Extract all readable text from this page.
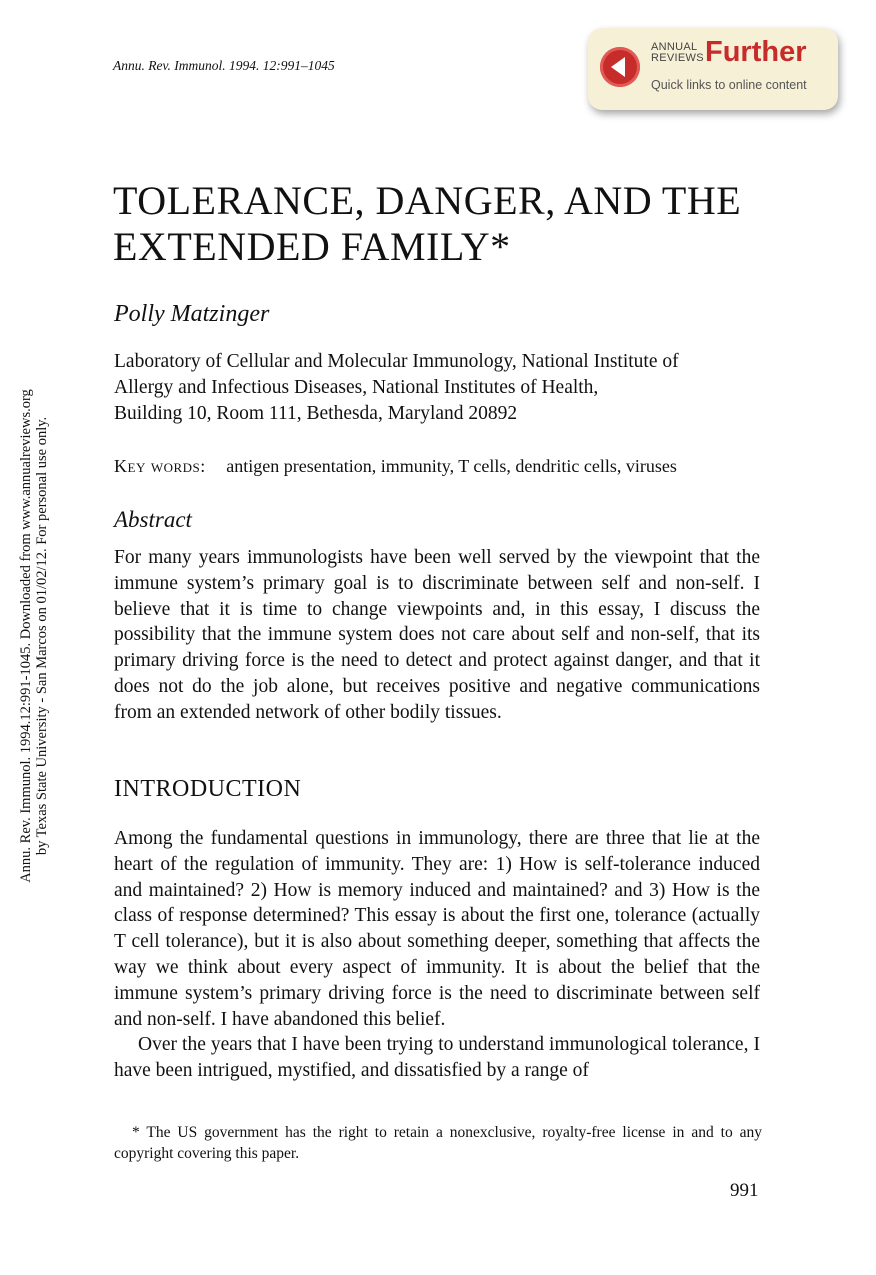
Annu. Rev. Immunol. 1994. 12:991–1045
ANNUAL
REVIEWS Further
Quick links to online content
TOLERANCE, DANGER, AND THE
EXTENDED FAMILY*
Polly Matzinger
Laboratory of Cellular and Molecular Immunology, National Institute of
Allergy and Infectious Diseases, National Institutes of Health,
Building 10, Room 111, Bethesda, Maryland 20892
Key words: antigen presentation, immunity, T cells, dendritic cells, viruses
Abstract
For many years immunologists have been well served by the viewpoint that the immune system’s primary goal is to discriminate between self and non-self. I believe that it is time to change viewpoints and, in this essay, I discuss the possibility that the immune system does not care about self and non-self, that its primary driving force is the need to detect and protect against danger, and that it does not do the job alone, but receives positive and negative communications from an extended network of other bodily tissues.
INTRODUCTION

Among the fundamental questions in immunology, there are three that lie at the heart of the regulation of immunity. They are: 1) How is self-tolerance induced and maintained? 2) How is memory induced and maintained? and 3) How is the class of response determined? This essay is about the first one, tolerance (actually T cell tolerance), but it is also about something deeper, something that affects the way we think about every aspect of immunity. It is about the belief that the immune system’s primary driving force is the need to discriminate between self and non-self. I have abandoned this belief.

Over the years that I have been trying to understand immunological tolerance, I have been intrigued, mystified, and dissatisfied by a range of

* The US government has the right to retain a nonexclusive, royalty-free license in and to any copyright covering this paper.
991
Annu. Rev. Immunol. 1994.12:991-1045. Downloaded from www.annualreviews.org by Texas State University - San Marcos on 01/02/12. For personal use only.
